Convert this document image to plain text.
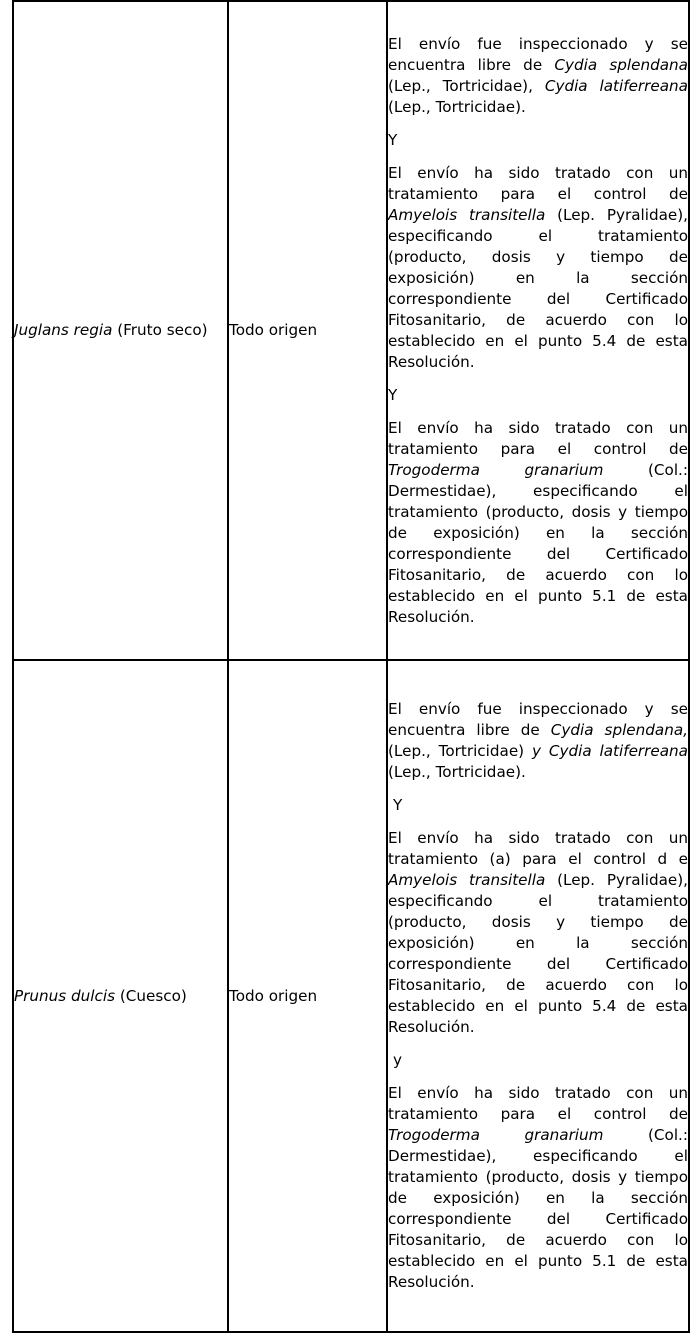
Juglans regia (Fruto seco)	Todo origen	El envío fue inspeccionado y se encuentra libre de Cydia splendana (Lep., Tortricidae), Cydia latiferreana (Lep., Tortricidae).

Y

El envío ha sido tratado con un tratamiento para el control de Amyelois transitella (Lep. Pyralidae), especificando el tratamiento (producto, dosis y tiempo de exposición) en la sección correspondiente del Certificado Fitosanitario, de acuerdo con lo establecido en el punto 5.4 de esta Resolución.

Y

El envío ha sido tratado con un tratamiento para el control de Trogoderma granarium (Col.: Dermestidae), especificando el tratamiento (producto, dosis y tiempo de exposición) en la sección correspondiente del Certificado Fitosanitario, de acuerdo con lo establecido en el punto 5.1 de esta Resolución.

Prunus dulcis (Cuesco)	Todo origen	El envío fue inspeccionado y se encuentra libre de Cydia splendana, (Lep., Tortricidae) y Cydia latiferreana (Lep., Tortricidae).

Y

El envío ha sido tratado con un tratamiento (a) para el control d e Amyelois transitella (Lep. Pyralidae), especificando el tratamiento (producto, dosis y tiempo de exposición) en la sección correspondiente del Certificado Fitosanitario, de acuerdo con lo establecido en el punto 5.4 de esta Resolución.

y

El envío ha sido tratado con un tratamiento para el control de Trogoderma granarium (Col.: Dermestidae), especificando el tratamiento (producto, dosis y tiempo de exposición) en la sección correspondiente del Certificado Fitosanitario, de acuerdo con lo establecido en el punto 5.1 de esta Resolución.
